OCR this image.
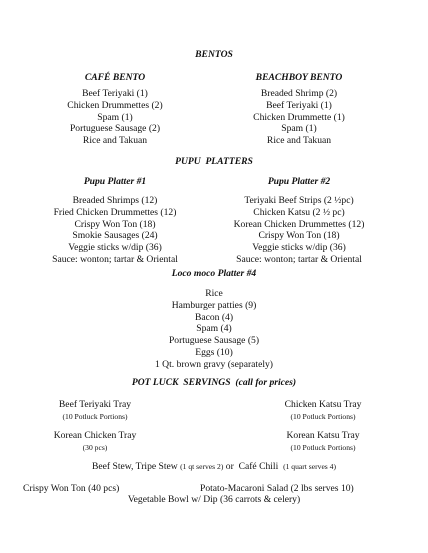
BENTOS
CAFÉ BENTO	BEACHBOY BENTO
Beef Teriyaki (1)
Chicken Drummettes (2)
Spam (1)
Portuguese Sausage (2)
Rice and Takuan
Breaded Shrimp (2)
Beef Teriyaki (1)
Chicken Drummette (1)
Spam (1)
Rice and Takuan
PUPU  PLATTERS
Pupu Platter #1	Pupu Platter #2
Breaded Shrimps (12)
Fried Chicken Drummettes (12)
Crispy Won Ton (18)
Smokie Sausages (24)
Veggie sticks w/dip (36)
Sauce: wonton; tartar & Oriental
Teriyaki Beef Strips (2 ½pc)
Chicken Katsu (2 ½ pc)
Korean Chicken Drummettes (12)
Crispy Won Ton (18)
Veggie sticks w/dip (36)
Sauce: wonton; tartar & Oriental
Loco moco Platter #4
Rice
Hamburger patties (9)
Bacon (4)
Spam (4)
Portuguese Sausage (5)
Eggs (10)
1 Qt. brown gravy (separately)
POT LUCK  SERVINGS  (call for prices)
Beef Teriyaki Tray
(10 Potluck Portions)
Chicken Katsu Tray
(10 Potluck Portions)
Korean Chicken Tray
(30 pcs)
Korean Katsu Tray
(10 Potluck Portions)
Beef Stew, Tripe Stew (1 qt serves 2) or Café Chili (1 quart serves 4)
Crispy Won Ton (40 pcs)	Potato-Macaroni Salad (2 lbs serves 10)
Vegetable Bowl w/ Dip (36 carrots & celery)
